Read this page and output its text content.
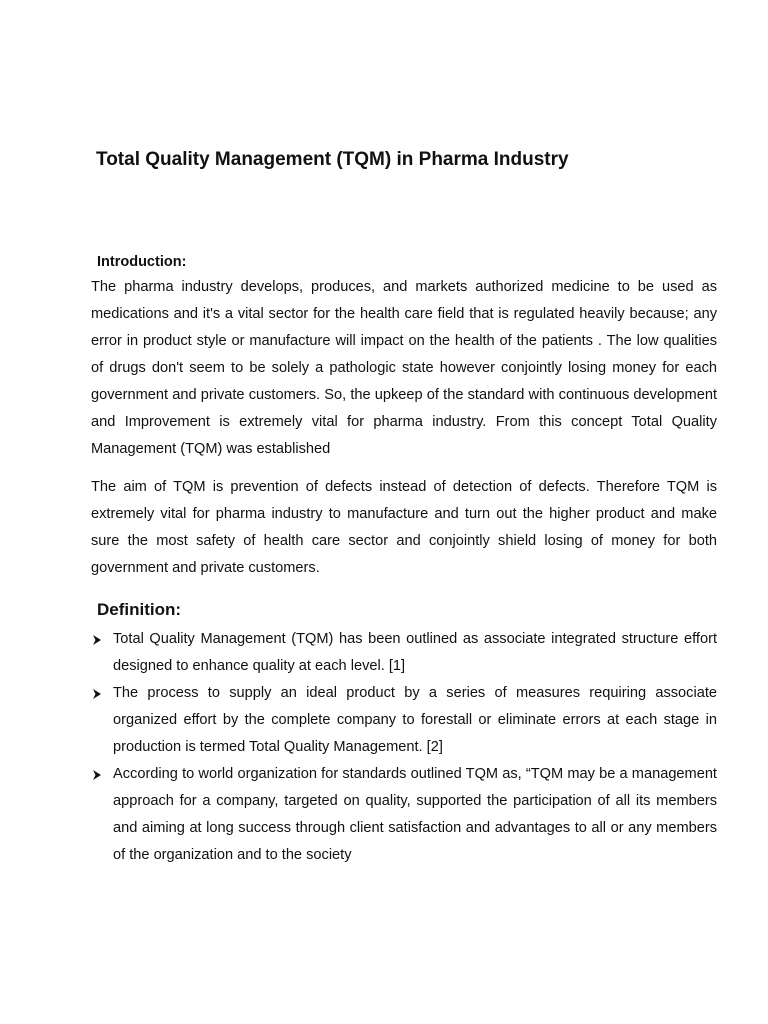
Total Quality Management (TQM) in Pharma Industry
Introduction:

The pharma industry develops, produces, and markets authorized medicine to be used as medications and it's a vital sector for the health care field that is regulated heavily because; any error in product style or manufacture will impact on the health of the patients . The low qualities of drugs don't seem to be solely a pathologic state however conjointly losing money for each government and private customers. So, the upkeep of the standard with continuous development and Improvement is extremely vital for pharma industry. From this concept Total Quality Management (TQM) was established

The aim of TQM is prevention of defects instead of detection of defects. Therefore TQM is extremely vital for pharma industry to manufacture and turn out the higher product and make sure the most safety of health care sector and conjointly shield losing of money for both government and private customers.

Definition:
Total Quality Management (TQM) has been outlined as associate integrated structure effort designed to enhance quality at each level. [1]
The process to supply an ideal product by a series of measures requiring associate organized effort by the complete company to forestall or eliminate errors at each stage in production is termed Total Quality Management. [2]
According to world organization for standards outlined TQM as, “TQM may be a management approach for a company, targeted on quality, supported the participation of all its members and aiming at long success through client satisfaction and advantages to all or any members of the organization and to the society
